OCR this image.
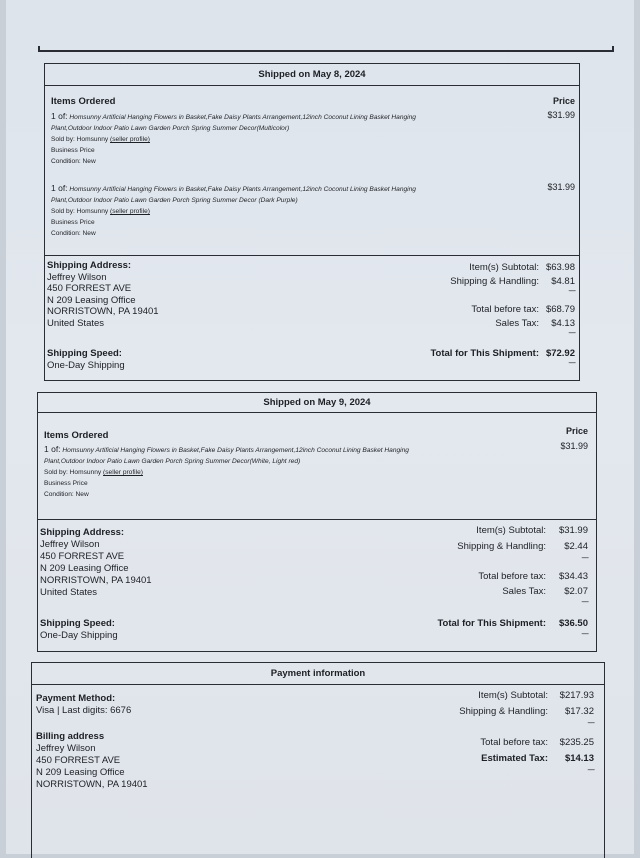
Shipped on May 8, 2024
Items Ordered	Price
1 of: Homsunny Artificial Hanging Flowers in Basket,Fake Daisy Plants Arrangement,12inch Coconut Lining Basket Hanging
Plant,Outdoor Indoor Patio Lawn Garden Porch Spring Summer Decor(Multicolor)
Sold by: Homsunny (seller profile)
Business Price
Condition: New
$31.99
1 of: Homsunny Artificial Hanging Flowers in Basket,Fake Daisy Plants Arrangement,12inch Coconut Lining Basket Hanging
Plant,Outdoor Indoor Patio Lawn Garden Porch Spring Summer Decor (Dark Purple)
Sold by: Homsunny (seller profile)
Business Price
Condition: New
$31.99
Shipping Address:
Jeffrey Wilson
450 FORREST AVE
N 209 Leasing Office
NORRISTOWN, PA 19401
United States
Shipping Speed:
One-Day Shipping
Item(s) Subtotal: $63.98
Shipping & Handling: $4.81
-----
Total before tax: $68.79
Sales Tax: $4.13
-----
Total for This Shipment: $72.92
-----
Shipped on May 9, 2024
Items Ordered	Price
1 of: Homsunny Artificial Hanging Flowers in Basket,Fake Daisy Plants Arrangement,12inch Coconut Lining Basket Hanging
Plant,Outdoor Indoor Patio Lawn Garden Porch Spring Summer Decor(White, Light red)
Sold by: Homsunny (seller profile)
Business Price
Condition: New
$31.99
Shipping Address:
Jeffrey Wilson
450 FORREST AVE
N 209 Leasing Office
NORRISTOWN, PA 19401
United States
Shipping Speed:
One-Day Shipping
Item(s) Subtotal: $31.99
Shipping & Handling: $2.44
-----
Total before tax: $34.43
Sales Tax: $2.07
-----
Total for This Shipment: $36.50
-----
Payment information
Payment Method:
Visa | Last digits: 6676
Billing address
Jeffrey Wilson
450 FORREST AVE
N 209 Leasing Office
NORRISTOWN, PA 19401
Item(s) Subtotal: $217.93
Shipping & Handling: $17.32
-----
Total before tax: $235.25
Estimated Tax: $14.13
-----
